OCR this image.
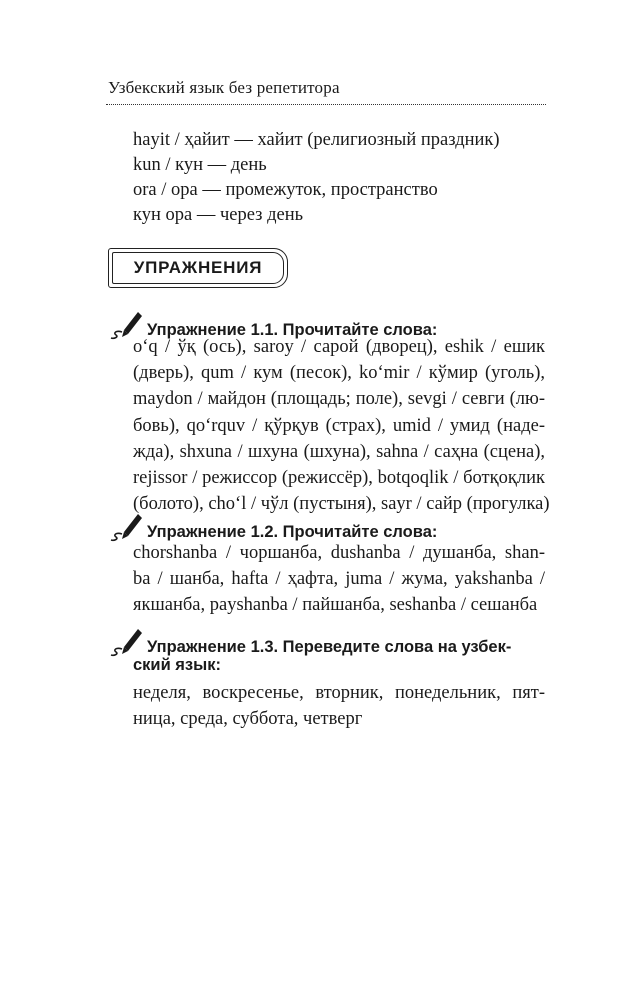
Узбекский язык без репетитора
hayit / ҳайит — хайит (религиозный праздник)
kun / кун — день
ora / ора — промежуток, пространство
кун ора — через день
УПРАЖНЕНИЯ
Упражнение 1.1. Прочитайте слова:
o‘q / ўқ (ось), saroy / сарой (дворец), eshik / ешик
(дверь), qum / кум (песок), ko‘mir / кўмир (уголь),
maydon / майдон (площадь; поле), sevgi / севги (лю-
бовь), qo‘rquv / қўрқув (страх), umid / умид (наде-
жда), shxuna / шхуна (шхуна), sahna / саҳна (сцена),
rejissor / режиссор (режиссёр), botqoqlik / ботқоқлик
(болото), cho‘l / чўл (пустыня), sayr / сайр (прогулка)
Упражнение 1.2. Прочитайте слова:
chorshanba / чоршанба, dushanba / душанба, shan-
ba / шанба, hafta / ҳафта, juma / жума, yakshanba /
якшанба, payshanba / пайшанба, seshanba / сешанба
Упражнение 1.3. Переведите слова на узбек-
ский язык:
неделя, воскресенье, вторник, понедельник, пят-
ница, среда, суббота, четверг
